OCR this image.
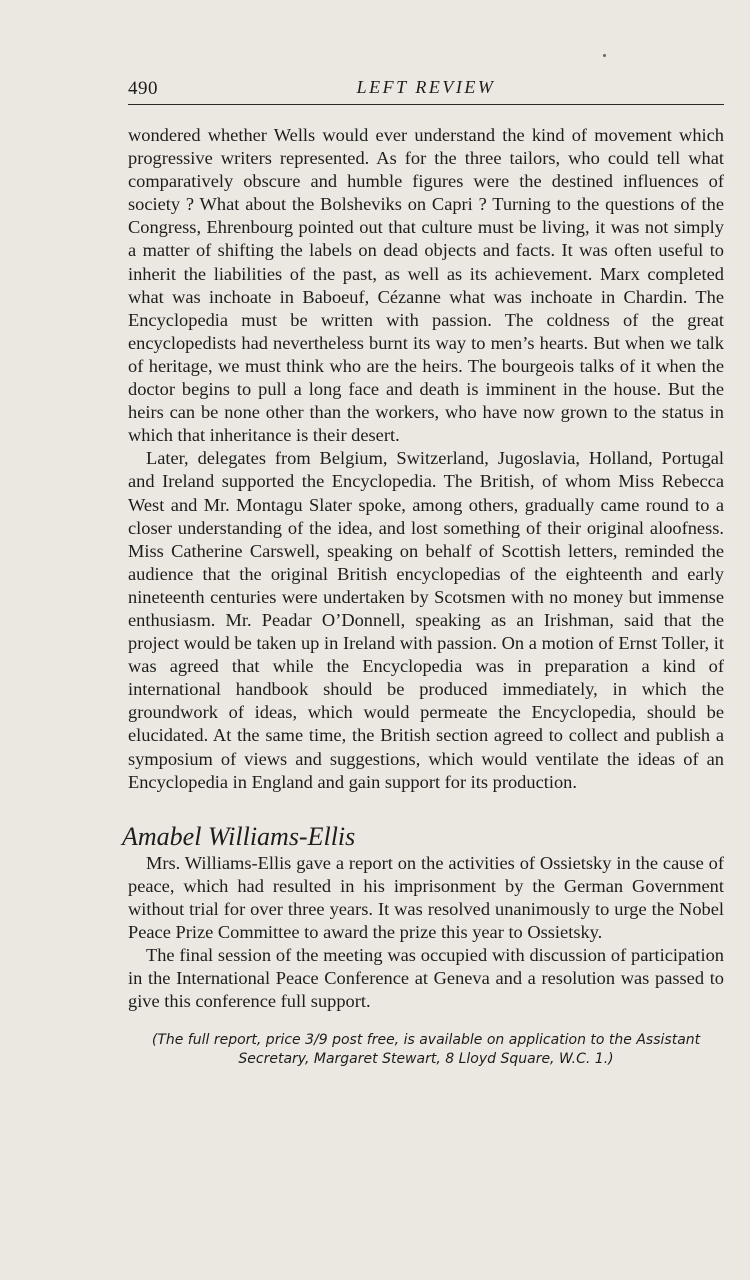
490	LEFT REVIEW

wondered whether Wells would ever understand the kind of movement which progressive writers represented. As for the three tailors, who could tell what comparatively obscure and humble figures were the destined influences of society ? What about the Bolsheviks on Capri ? Turning to the questions of the Congress, Ehrenbourg pointed out that culture must be living, it was not simply a matter of shifting the labels on dead objects and facts. It was often useful to inherit the liabilities of the past, as well as its achievement. Marx completed what was inchoate in Baboeuf, Cézanne what was inchoate in Chardin. The Encyclopedia must be written with passion. The coldness of the great encyclopedists had nevertheless burnt its way to men’s hearts. But when we talk of heritage, we must think who are the heirs. The bourgeois talks of it when the doctor begins to pull a long face and death is imminent in the house. But the heirs can be none other than the workers, who have now grown to the status in which that inheritance is their desert.

Later, delegates from Belgium, Switzerland, Jugoslavia, Holland, Portugal and Ireland supported the Encyclopedia. The British, of whom Miss Rebecca West and Mr. Montagu Slater spoke, among others, gradually came round to a closer understanding of the idea, and lost something of their original aloofness. Miss Catherine Carswell, speaking on behalf of Scottish letters, reminded the audience that the original British encyclopedias of the eighteenth and early nineteenth centuries were undertaken by Scotsmen with no money but immense enthusiasm. Mr. Peadar O’Donnell, speaking as an Irishman, said that the project would be taken up in Ireland with passion. On a motion of Ernst Toller, it was agreed that while the Encyclopedia was in preparation a kind of international handbook should be produced immediately, in which the groundwork of ideas, which would permeate the Encyclopedia, should be elucidated. At the same time, the British section agreed to collect and publish a symposium of views and suggestions, which would ventilate the ideas of an Encyclopedia in England and gain support for its production.

Amabel Williams-Ellis

Mrs. Williams-Ellis gave a report on the activities of Ossietsky in the cause of peace, which had resulted in his imprisonment by the German Government without trial for over three years. It was resolved unanimously to urge the Nobel Peace Prize Committee to award the prize this year to Ossietsky.

The final session of the meeting was occupied with discussion of participation in the International Peace Conference at Geneva and a resolution was passed to give this conference full support.

(The full report, price 3/9 post free, is available on application to the Assistant
Secretary, Margaret Stewart, 8 Lloyd Square, W.C. 1.)
